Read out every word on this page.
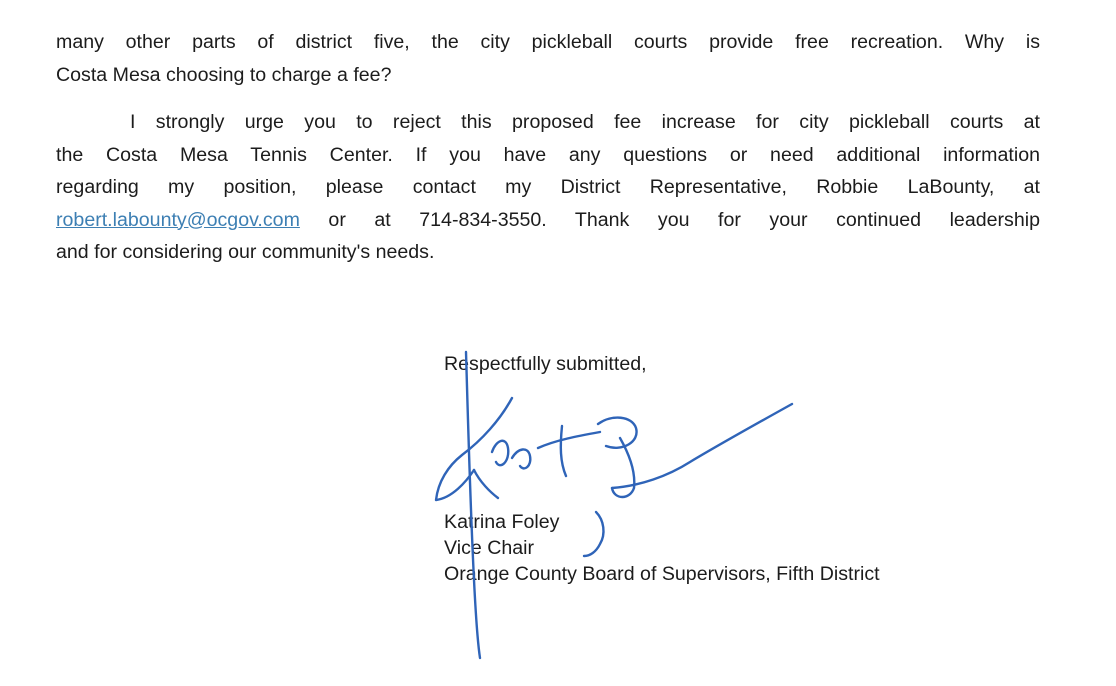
many other parts of district five, the city pickleball courts provide free recreation. Why is
Costa Mesa choosing to charge a fee?

I strongly urge you to reject this proposed fee increase for city pickleball courts at
the Costa Mesa Tennis Center. If you have any questions or need additional information
regarding my position, please contact my District Representative, Robbie LaBounty, at
robert.labounty@ocgov.com or at 714-834-3550. Thank you for your continued leadership
and for considering our community's needs.

Respectfully submitted,
Katrina Foley
Vice Chair
Orange County Board of Supervisors, Fifth District
